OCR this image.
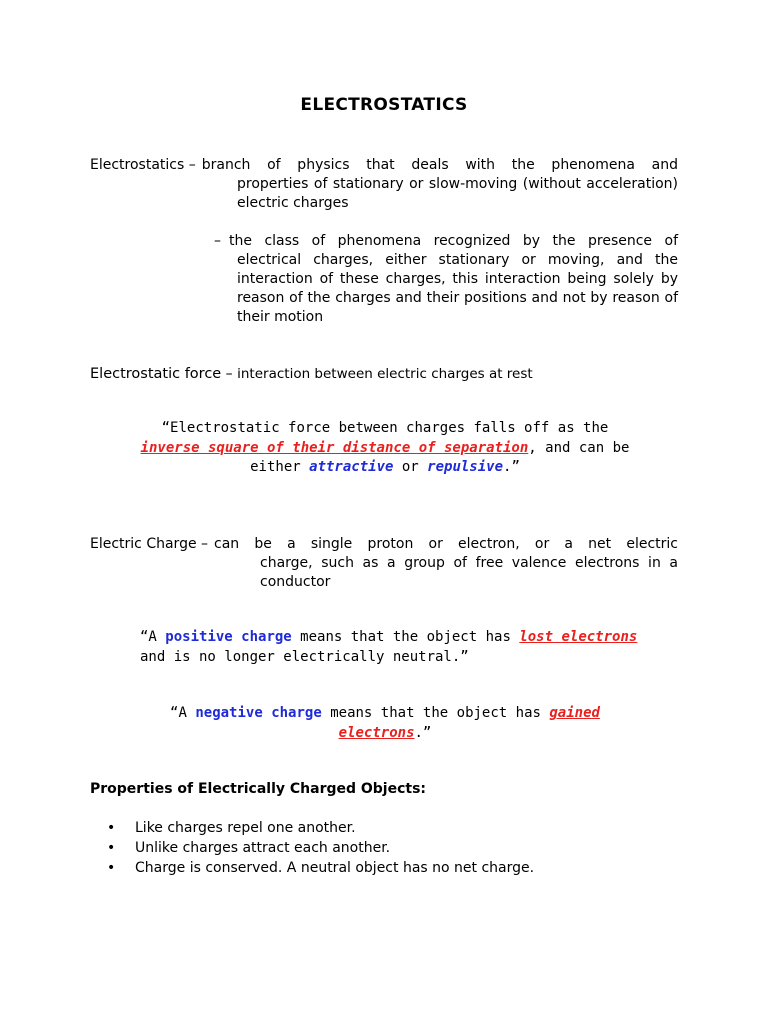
ELECTROSTATICS
Electrostatics – branch of physics that deals with the phenomena and
properties of stationary or slow-moving (without acceleration) electric charges
– the class of phenomena recognized by the presence of
electrical charges, either stationary or moving, and the interaction of these charges, this interaction being solely by reason of the charges and their positions and not by reason of their motion
Electrostatic force – interaction between electric charges at rest
“Electrostatic force between charges falls off as the inverse square of their distance of separation, and can be either attractive or repulsive.”
Electric Charge – can be a single proton or electron, or a net electric
charge, such as a group of free valence electrons in a conductor
“A positive charge means that the object has lost electrons and is no longer electrically neutral.”
“A negative charge means that the object has gained electrons.”
Properties of Electrically Charged Objects:
• Like charges repel one another.
• Unlike charges attract each another.
• Charge is conserved. A neutral object has no net charge.
